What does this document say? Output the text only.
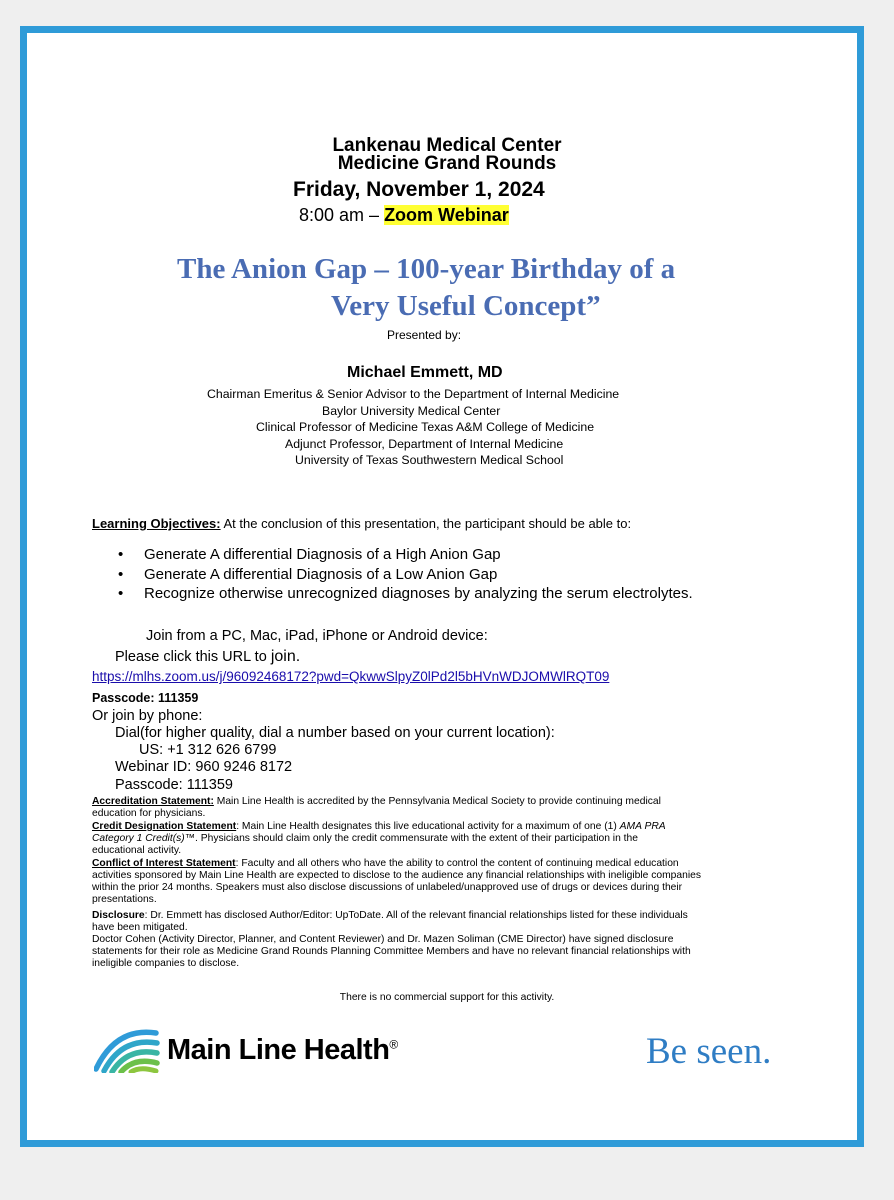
Lankenau Medical Center
Medicine Grand Rounds
Friday, November 1, 2024
8:00 am – Zoom Webinar
The Anion Gap – 100-year Birthday of a
Very Useful Concept”
Presented by:
Michael Emmett, MD
Chairman Emeritus & Senior Advisor to the Department of Internal Medicine
Baylor University Medical Center
Clinical Professor of Medicine Texas A&M College of Medicine
Adjunct Professor, Department of Internal Medicine
University of Texas Southwestern Medical School
Learning Objectives: At the conclusion of this presentation, the participant should be able to:
• Generate A differential Diagnosis of a High Anion Gap
• Generate A differential Diagnosis of a Low Anion Gap
• Recognize otherwise unrecognized diagnoses by analyzing the serum electrolytes.
Join from a PC, Mac, iPad, iPhone or Android device:
Please click this URL to join.
https://mlhs.zoom.us/j/96092468172?pwd=QkwwSlpyZ0lPd2l5bHVnWDJOMWlRQT09
Passcode: 111359
Or join by phone:
Dial(for higher quality, dial a number based on your current location):
US: +1 312 626 6799
Webinar ID: 960 9246 8172
Passcode: 111359
Accreditation Statement: Main Line Health is accredited by the Pennsylvania Medical Society to provide continuing medical
education for physicians.
Credit Designation Statement: Main Line Health designates this live educational activity for a maximum of one (1) AMA PRA
Category 1 Credit(s)™. Physicians should claim only the credit commensurate with the extent of their participation in the
educational activity.
Conflict of Interest Statement: Faculty and all others who have the ability to control the content of continuing medical education
activities sponsored by Main Line Health are expected to disclose to the audience any financial relationships with ineligible companies
within the prior 24 months. Speakers must also disclose discussions of unlabeled/unapproved use of drugs or devices during their
presentations.
Disclosure: Dr. Emmett has disclosed Author/Editor: UpToDate. All of the relevant financial relationships listed for these individuals
have been mitigated.
Doctor Cohen (Activity Director, Planner, and Content Reviewer) and Dr. Mazen Soliman (CME Director) have signed disclosure
statements for their role as Medicine Grand Rounds Planning Committee Members and have no relevant financial relationships with
ineligible companies to disclose.
There is no commercial support for this activity.
Main Line Health®	Be seen.
